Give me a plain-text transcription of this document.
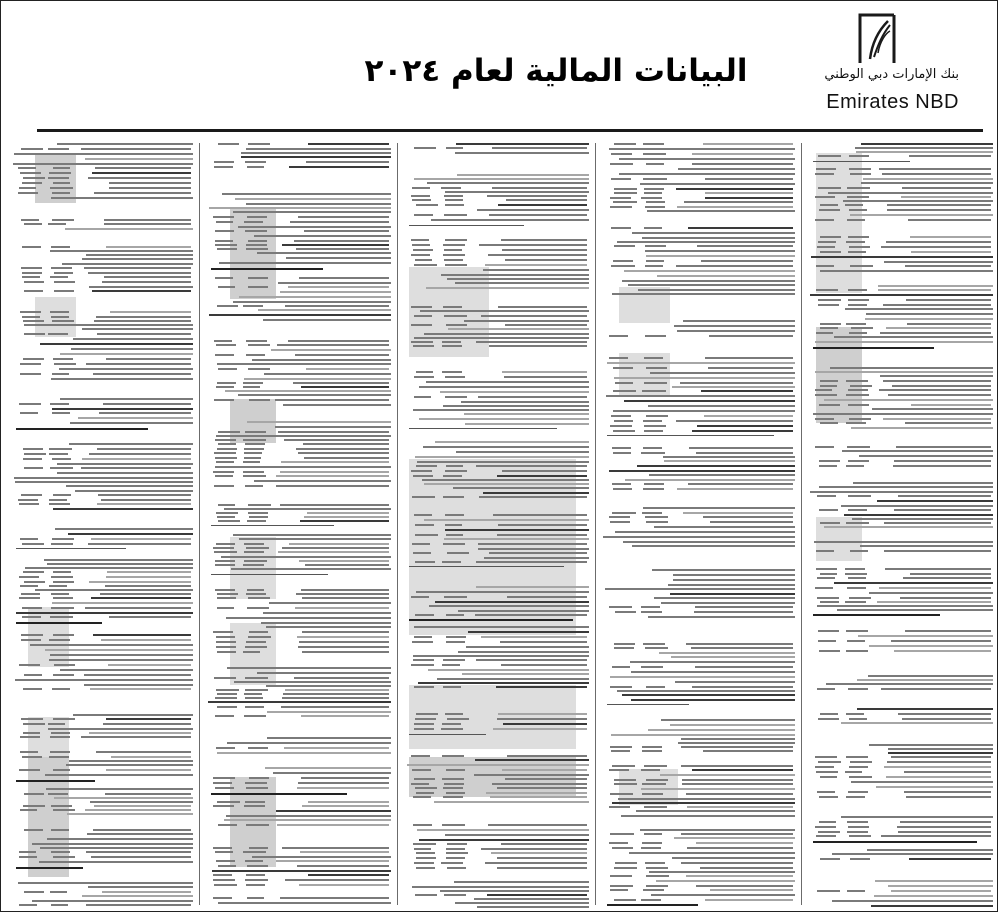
البيانات المالية لعام ٢٠٢٤	بنك الإمارات دبي الوطني
Emirates NBD
